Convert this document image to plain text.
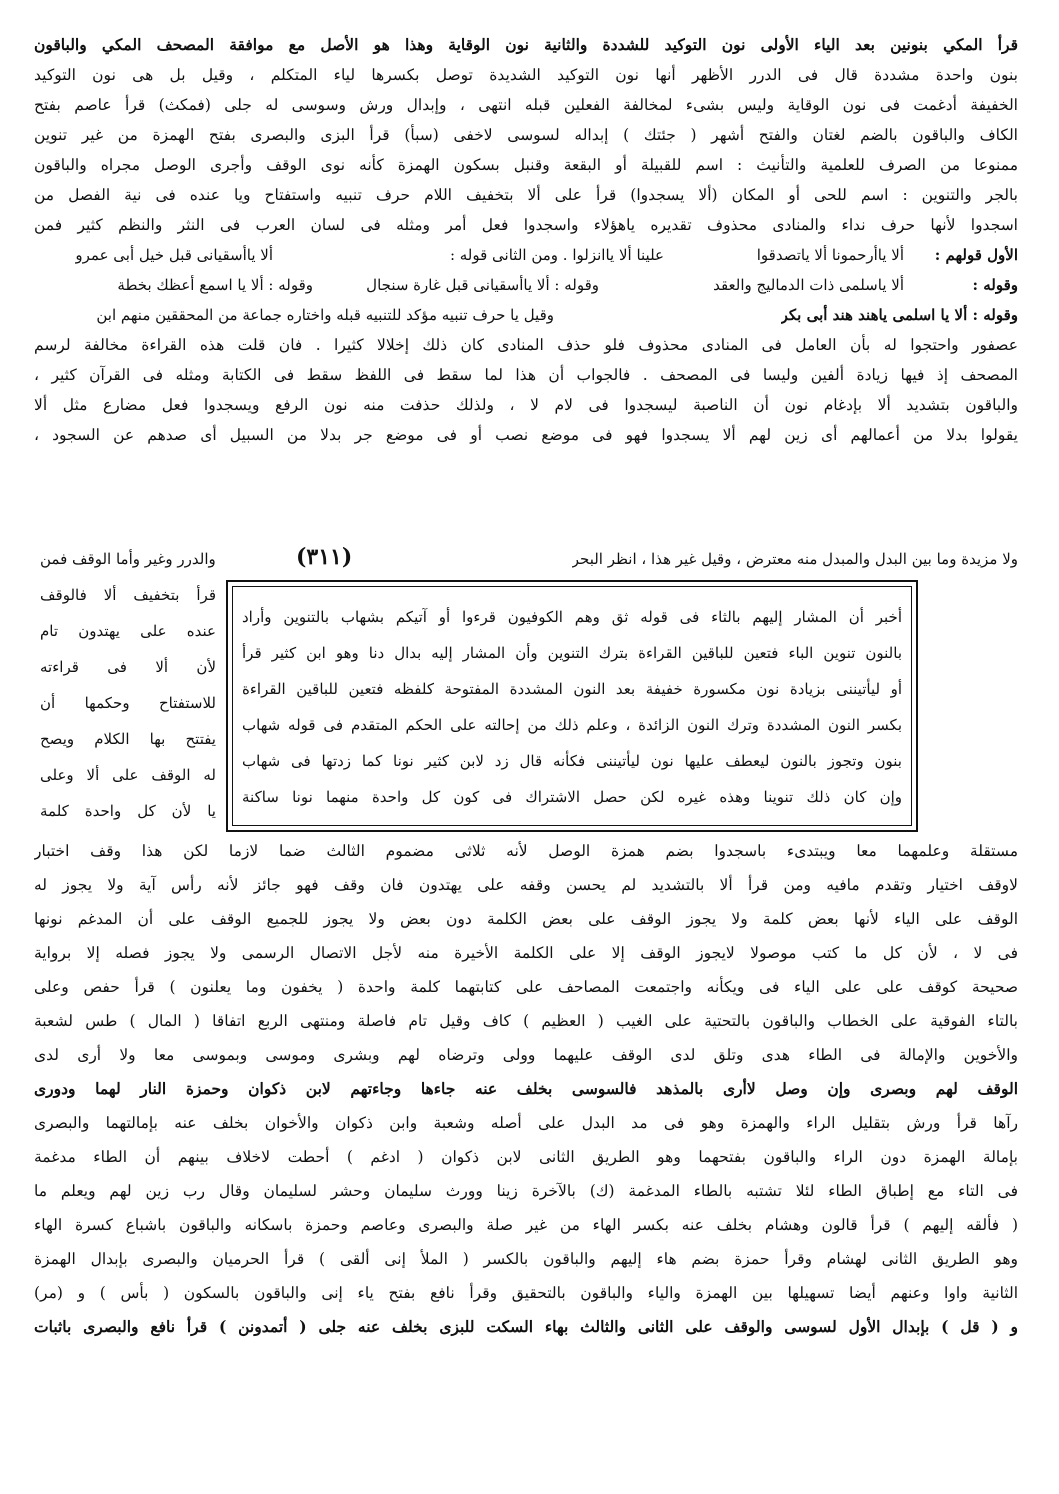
قرأ المكي بنونين بعد الياء الأولى نون التوكيد للشددة والثانية نون الوقاية وهذا هو الأصل مع موافقة المصحف المكي والباقون
بنون واحدة مشددة قال فى الدرر الأظهر أنها نون التوكيد الشديدة توصل بكسرها لياء المتكلم ، وقيل بل هى نون التوكيد
الخفيفة أدغمت فى نون الوقاية وليس بشىء لمخالفة الفعلين قبله انتهى ، وإبدال ورش وسوسى له جلى (فمكث) قرأ عاصم بفتح
الكاف والباقون بالضم لغتان والفتح أشهر ( جئتك ) إبداله لسوسى لاخفى (سبأ) قرأ البزى والبصرى بفتح الهمزة من غير تنوين
ممنوعا من الصرف للعلمية والتأنيث : اسم للقبيلة أو البقعة وقنبل بسكون الهمزة كأنه نوى الوقف وأجرى الوصل مجراه والباقون
بالجر والتنوين : اسم للحى أو المكان (ألا يسجدوا) قرأ على ألا بتخفيف اللام حرف تنبيه واستفتاح ويا عنده فى نية الفصل من
اسجدوا لأنها حرف نداء والمنادى محذوف تقديره ياهؤلاء واسجدوا فعل أمر ومثله فى لسان العرب فى النثر والنظم كثير فمن
الأول قولهم :
ألا ياأرحمونا ألا ياتصدقوا
علينا ألا ياانزلوا . ومن الثانى قوله :
ألا ياأسقيانى قبل خيل أبى عمرو
وقوله :
ألا ياسلمى ذات الدماليج والعقد
وقوله : ألا ياأسقيانى قبل غارة سنجال
وقوله : ألا يا اسمع أعظك بخطة
وقوله : ألا يا اسلمى ياهند هند أبى بكر
وقيل يا حرف تنبيه مؤكد للتنبيه قبله واختاره جماعة من المحققين منهم ابن
عصفور واحتجوا له بأن العامل فى المنادى محذوف فلو حذف المنادى كان ذلك إخلالا كثيرا . فان قلت هذه القراءة مخالفة لرسم
المصحف إذ فيها زيادة ألفين وليسا فى المصحف . فالجواب أن هذا لما سقط فى اللفظ سقط فى الكتابة ومثله فى القرآن كثير ،
والباقون بتشديد ألا بإدغام نون أن الناصبة ليسجدوا فى لام لا ، ولذلك حذفت منه نون الرفع ويسجدوا فعل مضارع مثل ألا
يقولوا بدلا من أعمالهم أى زين لهم ألا يسجدوا فهو فى موضع نصب أو فى موضع جر بدلا من السبيل أى صدهم عن السجود ،
ولا مزيدة وما بين البدل والمبدل منه معترض ، وقيل غير هذا ، انظر البحر
(٣١١)
والدرر وغير وأما الوقف فمن
أخبر أن المشار إليهم بالثاء فى قوله ثق وهم الكوفيون قرءوا أو آتيكم بشهاب بالتنوين وأراد
بالنون تنوين الباء فتعين للباقين القراءة بترك التنوين وأن المشار إليه بدال دنا وهو ابن كثير قرأ
أو ليأتيننى بزيادة نون مكسورة خفيفة بعد النون المشددة المفتوحة كلفظه فتعين للباقين القراءة
بكسر النون المشددة وترك النون الزائدة ، وعلم ذلك من إحالته على الحكم المتقدم فى قوله شهاب
بنون وتجوز بالنون ليعطف عليها نون ليأتيننى فكأنه قال زد لابن كثير نونا كما زدتها فى شهاب
وإن كان ذلك تنوينا وهذه غيره لكن حصل الاشتراك فى كون كل واحدة منهما نونا ساكنة
قرأ بتخفيف ألا فالوقف
عنده على يهتدون تام
لأن ألا فى قراءته
للاستفتاح وحكمها أن
يفتتح بها الكلام ويصح
له الوقف على ألا وعلى
يا لأن كل واحدة كلمة
مستقلة وعلمهما معا ويبتدىء باسجدوا بضم همزة الوصل لأنه ثلاثى مضموم الثالث ضما لازما لكن هذا وقف اختبار
لاوقف اختيار وتقدم مافيه ومن قرأ ألا بالتشديد لم يحسن وقفه على يهتدون فان وقف فهو جائز لأنه رأس آية ولا يجوز له
الوقف على الياء لأنها بعض كلمة ولا يجوز الوقف على بعض الكلمة دون بعض ولا يجوز للجميع الوقف على أن المدغم نونها
فى لا ، لأن كل ما كتب موصولا لايجوز الوقف إلا على الكلمة الأخيرة منه لأجل الاتصال الرسمى ولا يجوز فصله إلا برواية
صحيحة كوقف على على الياء فى ويكأنه واجتمعت المصاحف على كتابتهما كلمة واحدة ( يخفون وما يعلنون ) قرأ حفص وعلى
بالتاء الفوقية على الخطاب والباقون بالتحتية على الغيب ( العظيم ) كاف وقيل تام فاصلة ومنتهى الربع اتفاقا ( المال ) طس لشعبة
والأخوين والإمالة فى الطاء هدى وتلق لدى الوقف عليهما وولى وترضاه لهم وبشرى وموسى وبموسى معا ولا أرى لدى
الوقف لهم وبصرى وإن وصل لاأرى بالمذهد فالسوسى بخلف عنه جاءها وجاءتهم لابن ذكوان وحمزة النار لهما ودورى
رآها قرأ ورش بتقليل الراء والهمزة وهو فى مد البدل على أصله وشعبة وابن ذكوان والأخوان بخلف عنه بإمالتهما والبصرى
بإمالة الهمزة دون الراء والباقون بفتحهما وهو الطريق الثانى لابن ذكوان ( ادغم ) أحطت لاخلاف بينهم أن الطاء مدغمة
فى التاء مع إطباق الطاء لئلا تشتبه بالطاء المدغمة (ك) بالآخرة زينا وورث سليمان وحشر لسليمان وقال رب زين لهم ويعلم ما
( فألقه إليهم ) قرأ قالون وهشام بخلف عنه بكسر الهاء من غير صلة والبصرى وعاصم وحمزة باسكانه والباقون باشباع كسرة الهاء
وهو الطريق الثانى لهشام وقرأ حمزة بضم هاء إليهم والباقون بالكسر ( الملأ إنى ألقى ) قرأ الحرميان والبصرى بإبدال الهمزة
الثانية واوا وعنهم أيضا تسهيلها بين الهمزة والياء والباقون بالتحقيق وقرأ نافع بفتح ياء إنى والباقون بالسكون ( بأس ) و (مر)
و ( قل ) بإبدال الأول لسوسى والوقف على الثانى والثالث بهاء السكت للبزى بخلف عنه جلى ( أتمدونن ) قرأ نافع والبصرى باثبات
